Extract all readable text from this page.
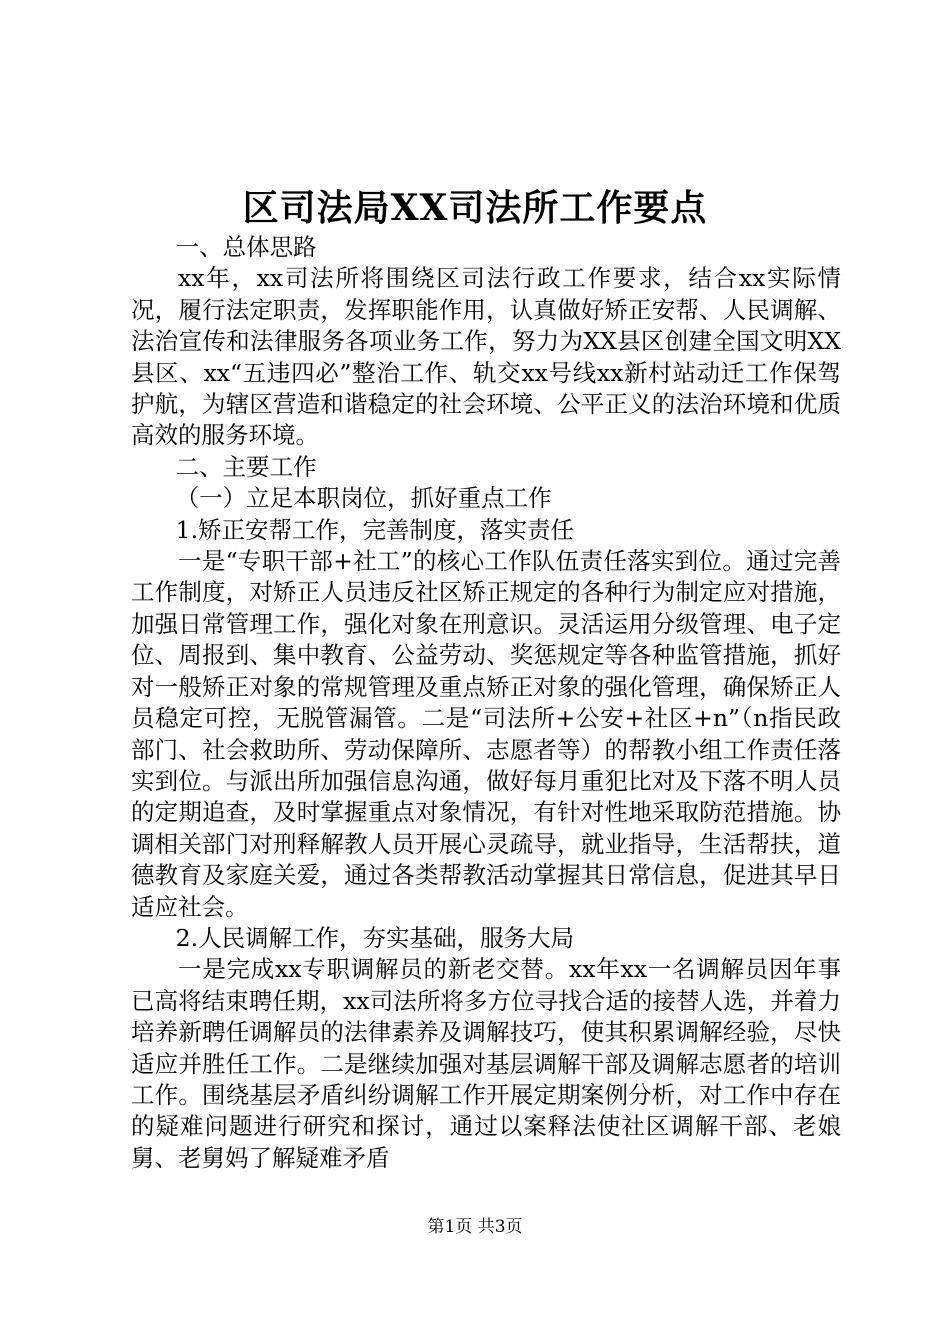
区司法局XX司法所工作要点

一、总体思路

xx年，xx司法所将围绕区司法行政工作要求，结合xx实际情况，履行法定职责，发挥职能作用，认真做好矫正安帮、人民调解、法治宣传和法律服务各项业务工作，努力为XX县区创建全国文明XX县区、xx“五违四必”整治工作、轨交xx号线xx新村站动迁工作保驾护航，为辖区营造和谐稳定的社会环境、公平正义的法治环境和优质高效的服务环境。

二、主要工作

（一）立足本职岗位，抓好重点工作

1.矫正安帮工作，完善制度，落实责任

一是“专职干部+社工”的核心工作队伍责任落实到位。通过完善工作制度，对矫正人员违反社区矫正规定的各种行为制定应对措施，加强日常管理工作，强化对象在刑意识。灵活运用分级管理、电子定位、周报到、集中教育、公益劳动、奖惩规定等各种监管措施，抓好对一般矫正对象的常规管理及重点矫正对象的强化管理，确保矫正人员稳定可控，无脱管漏管。二是“司法所+公安+社区+n”（n指民政部门、社会救助所、劳动保障所、志愿者等）的帮教小组工作责任落实到位。与派出所加强信息沟通，做好每月重犯比对及下落不明人员的定期追查，及时掌握重点对象情况，有针对性地采取防范措施。协调相关部门对刑释解教人员开展心灵疏导，就业指导，生活帮扶，道德教育及家庭关爱，通过各类帮教活动掌握其日常信息，促进其早日适应社会。

2.人民调解工作，夯实基础，服务大局

一是完成xx专职调解员的新老交替。xx年xx一名调解员因年事已高将结束聘任期，xx司法所将多方位寻找合适的接替人选，并着力培养新聘任调解员的法律素养及调解技巧，使其积累调解经验，尽快适应并胜任工作。二是继续加强对基层调解干部及调解志愿者的培训工作。围绕基层矛盾纠纷调解工作开展定期案例分析，对工作中存在的疑难问题进行研究和探讨，通过以案释法使社区调解干部、老娘舅、老舅妈了解疑难矛盾

第1页 共3页
